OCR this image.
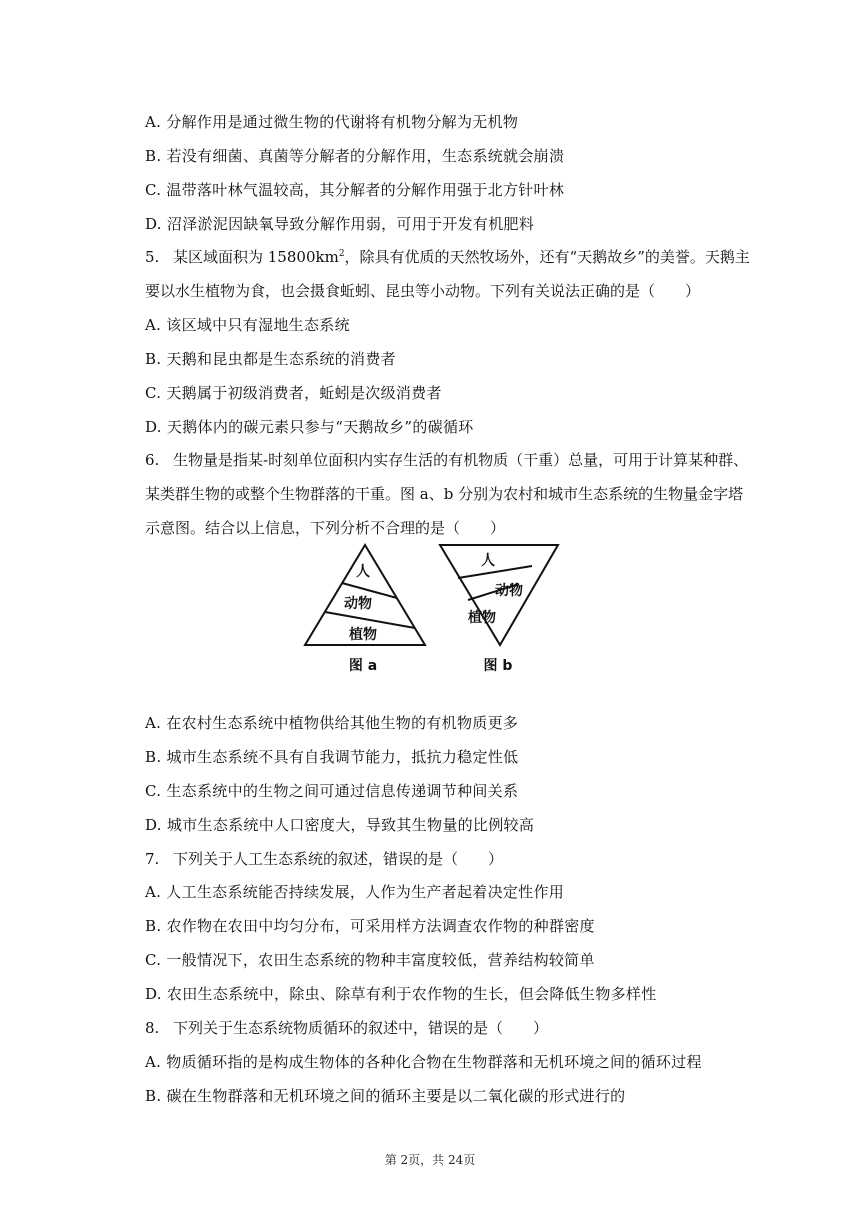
A. 分解作用是通过微生物的代谢将有机物分解为无机物
B. 若没有细菌、真菌等分解者的分解作用，生态系统就会崩溃
C. 温带落叶林气温较高，其分解者的分解作用强于北方针叶林
D. 沼泽淤泥因缺氧导致分解作用弱，可用于开发有机肥料
5. 某区域面积为 $15800km^2$，除具有优质的天然牧场外，还有“天鹅故乡”的美誉。天鹅主
要以水生植物为食，也会摄食蚯蚓、昆虫等小动物。下列有关说法正确的是（　　）
A. 该区域中只有湿地生态系统
B. 天鹅和昆虫都是生态系统的消费者
C. 天鹅属于初级消费者，蚯蚓是次级消费者
D. 天鹅体内的碳元素只参与“天鹅故乡”的碳循环
6. 生物量是指某-时刻单位面积内实存生活的有机物质（干重）总量，可用于计算某种群、
某类群生物的或整个生物群落的干重。图 a、b 分别为农村和城市生态系统的生物量金字塔
示意图。结合以上信息，下列分析不合理的是（　　）
人
动物
植物
图 a
人
动物
植物
图 b
A. 在农村生态系统中植物供给其他生物的有机物质更多
B. 城市生态系统不具有自我调节能力，抵抗力稳定性低
C. 生态系统中的生物之间可通过信息传递调节种间关系
D. 城市生态系统中人口密度大，导致其生物量的比例较高
7. 下列关于人工生态系统的叙述，错误的是（　　）
A. 人工生态系统能否持续发展，人作为生产者起着决定性作用
B. 农作物在农田中均匀分布，可采用样方法调查农作物的种群密度
C. 一般情况下，农田生态系统的物种丰富度较低，营养结构较简单
D. 农田生态系统中，除虫、除草有利于农作物的生长，但会降低生物多样性
8. 下列关于生态系统物质循环的叙述中，错误的是（　　）
A. 物质循环指的是构成生物体的各种化合物在生物群落和无机环境之间的循环过程
B. 碳在生物群落和无机环境之间的循环主要是以二氧化碳的形式进行的
第 2页，共 24页
